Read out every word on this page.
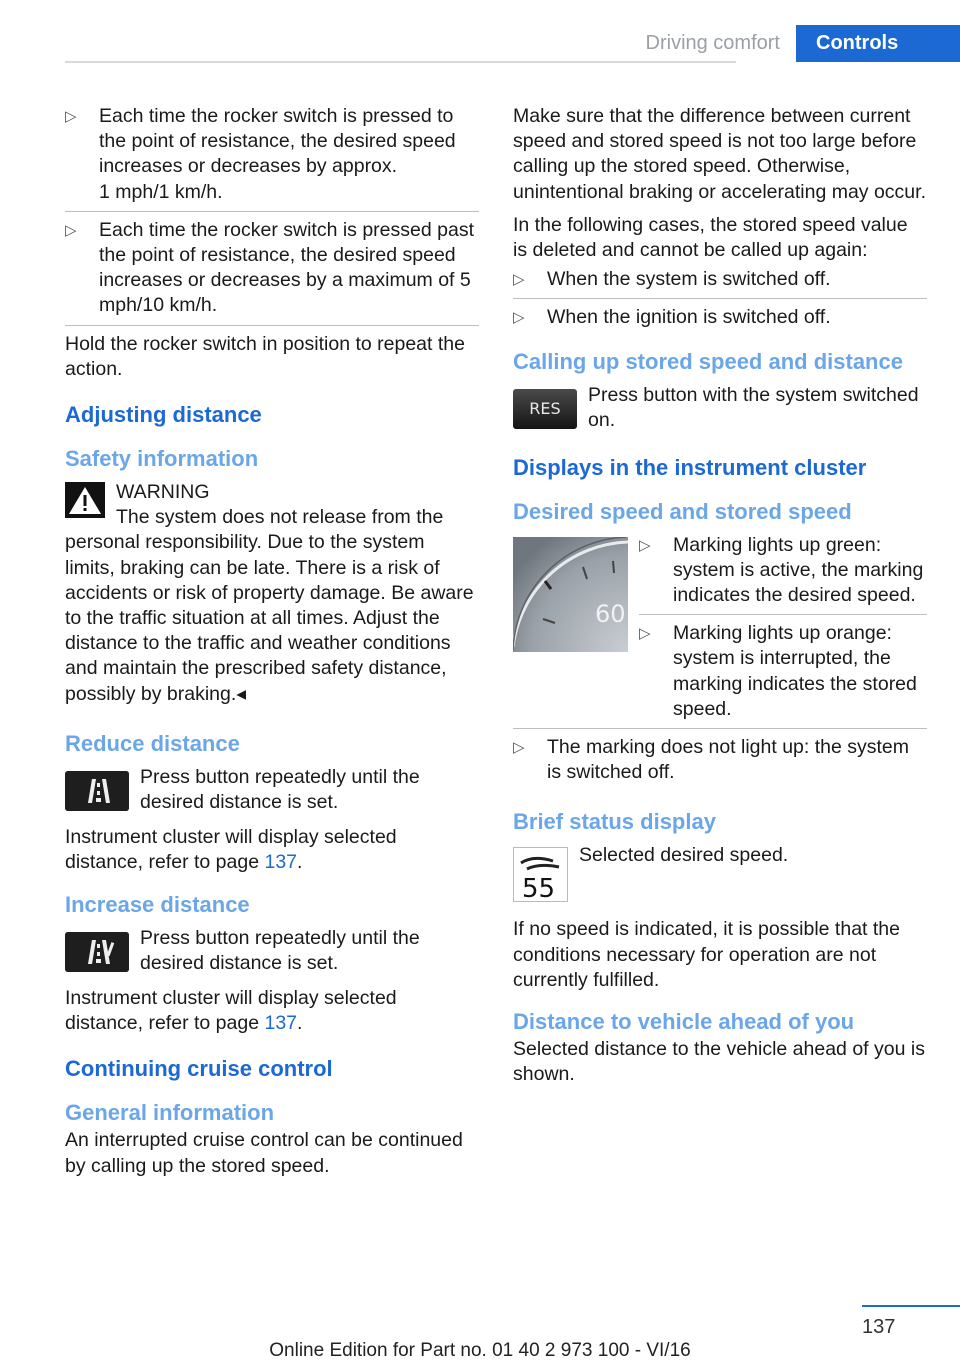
Driving comfort	Controls
▷ Each time the rocker switch is pressed to the point of resistance, the desired speed increases or decreases by approx.
1 mph/1 km/h.
▷ Each time the rocker switch is pressed past the point of resistance, the desired speed increases or decreases by a maximum of 5 mph/10 km/h.

Hold the rocker switch in position to repeat the action.

Adjusting distance
Safety information
WARNING
The system does not release from the personal responsibility. Due to the system limits, braking can be late. There is a risk of accidents or risk of property damage. Be aware to the traffic situation at all times. Adjust the distance to the traffic and weather conditions and maintain the prescribed safety distance, possibly by braking.◂
Reduce distance
Press button repeatedly until the desired distance is set.

Instrument cluster will display selected distance, refer to page 137.

Increase distance
Press button repeatedly until the desired distance is set.

Instrument cluster will display selected distance, refer to page 137.

Continuing cruise control
General information

An interrupted cruise control can be continued by calling up the stored speed.

Make sure that the difference between current speed and stored speed is not too large before calling up the stored speed. Otherwise, unintentional braking or accelerating may occur.

In the following cases, the stored speed value is deleted and cannot be called up again:

▷ When the system is switched off.
▷ When the ignition is switched off.
Calling up stored speed and distance
RES
Press button with the system switched on.
Displays in the instrument cluster
Desired speed and stored speed
60
▷ Marking lights up green: system is active, the marking indicates the desired speed.
▷ Marking lights up orange: system is interrupted, the marking indicates the stored speed.
▷ The marking does not light up: the system is switched off.
Brief status display
55
Selected desired speed.

If no speed is indicated, it is possible that the conditions necessary for operation are not currently fulfilled.

Distance to vehicle ahead of you

Selected distance to the vehicle ahead of you is shown.

137
Online Edition for Part no. 01 40 2 973 100 - VI/16
